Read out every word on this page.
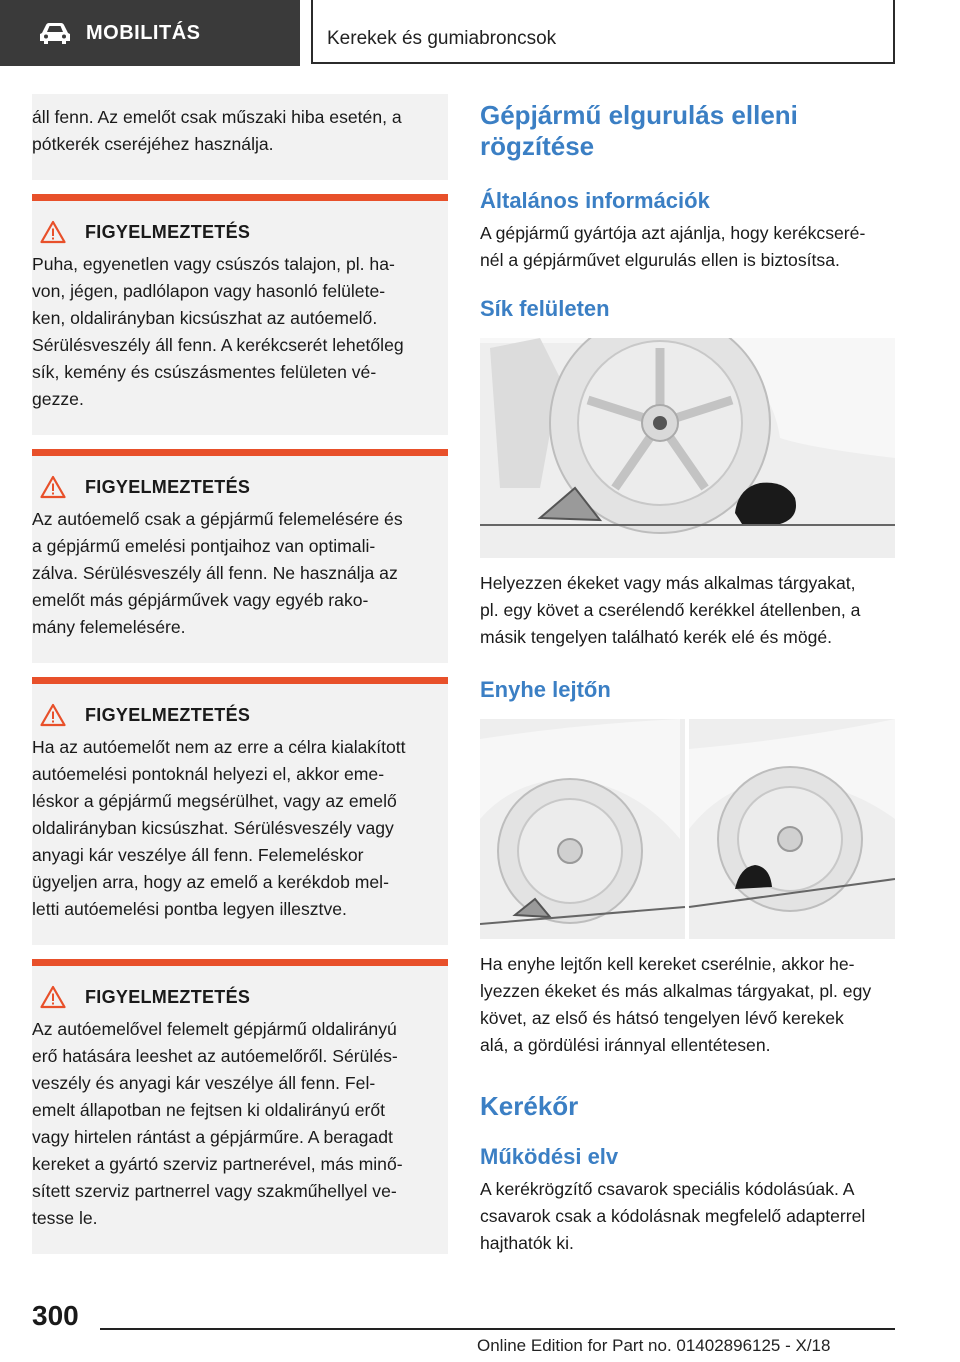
MOBILITÁS	Kerekek és gumiabroncsok
áll fenn. Az emelőt csak műszaki hiba esetén, a pótkerék cseréjéhez használja.
FIGYELMEZTETÉS
Puha, egyenetlen vagy csúszós talajon, pl. ha-
von, jégen, padlólapon vagy hasonló felülete-
ken, oldalirányban kicsúszhat az autóemelő.
Sérülésveszély áll fenn. A kerékcserét lehetőleg
sík, kemény és csúszásmentes felületen vé-
gezze.
FIGYELMEZTETÉS
Az autóemelő csak a gépjármű felemelésére és
a gépjármű emelési pontjaihoz van optimali-
zálva. Sérülésveszély áll fenn. Ne használja az
emelőt más gépjárművek vagy egyéb rako-
mány felemelésére.
FIGYELMEZTETÉS
Ha az autóemelőt nem az erre a célra kialakított
autóemelési pontoknál helyezi el, akkor eme-
léskor a gépjármű megsérülhet, vagy az emelő
oldalirányban kicsúszhat. Sérülésveszély vagy
anyagi kár veszélye áll fenn. Felemeléskor
ügyeljen arra, hogy az emelő a kerékdob mel-
letti autóemelési pontba legyen illesztve.
FIGYELMEZTETÉS
Az autóemelővel felemelt gépjármű oldalirányú
erő hatására leeshet az autóemelőről. Sérülés-
veszély és anyagi kár veszélye áll fenn. Fel-
emelt állapotban ne fejtsen ki oldalirányú erőt
vagy hirtelen rántást a gépjárműre. A beragadt
kereket a gyártó szerviz partnerével, más minő-
sített szerviz partnerrel vagy szakműhellyel ve-
tesse le.
Gépjármű elgurulás elleni
rögzítése
Általános információk
A gépjármű gyártója azt ajánlja, hogy kerékcseré-
nél a gépjárművet elgurulás ellen is biztosítsa.
Sík felületen
Helyezzen ékeket vagy más alkalmas tárgyakat,
pl. egy követ a cserélendő kerékkel átellenben, a
másik tengelyen található kerék elé és mögé.
Enyhe lejtőn
Ha enyhe lejtőn kell kereket cserélnie, akkor he-
lyezzen ékeket és más alkalmas tárgyakat, pl. egy
követ, az első és hátsó tengelyen lévő kerekek
alá, a gördülési iránnyal ellentétesen.
Kerékőr
Működési elv
A kerékrögzítő csavarok speciális kódolásúak. A
csavarok csak a kódolásnak megfelelő adapterrel
hajthatók ki.
300
Online Edition for Part no. 01402896125 - X/18
